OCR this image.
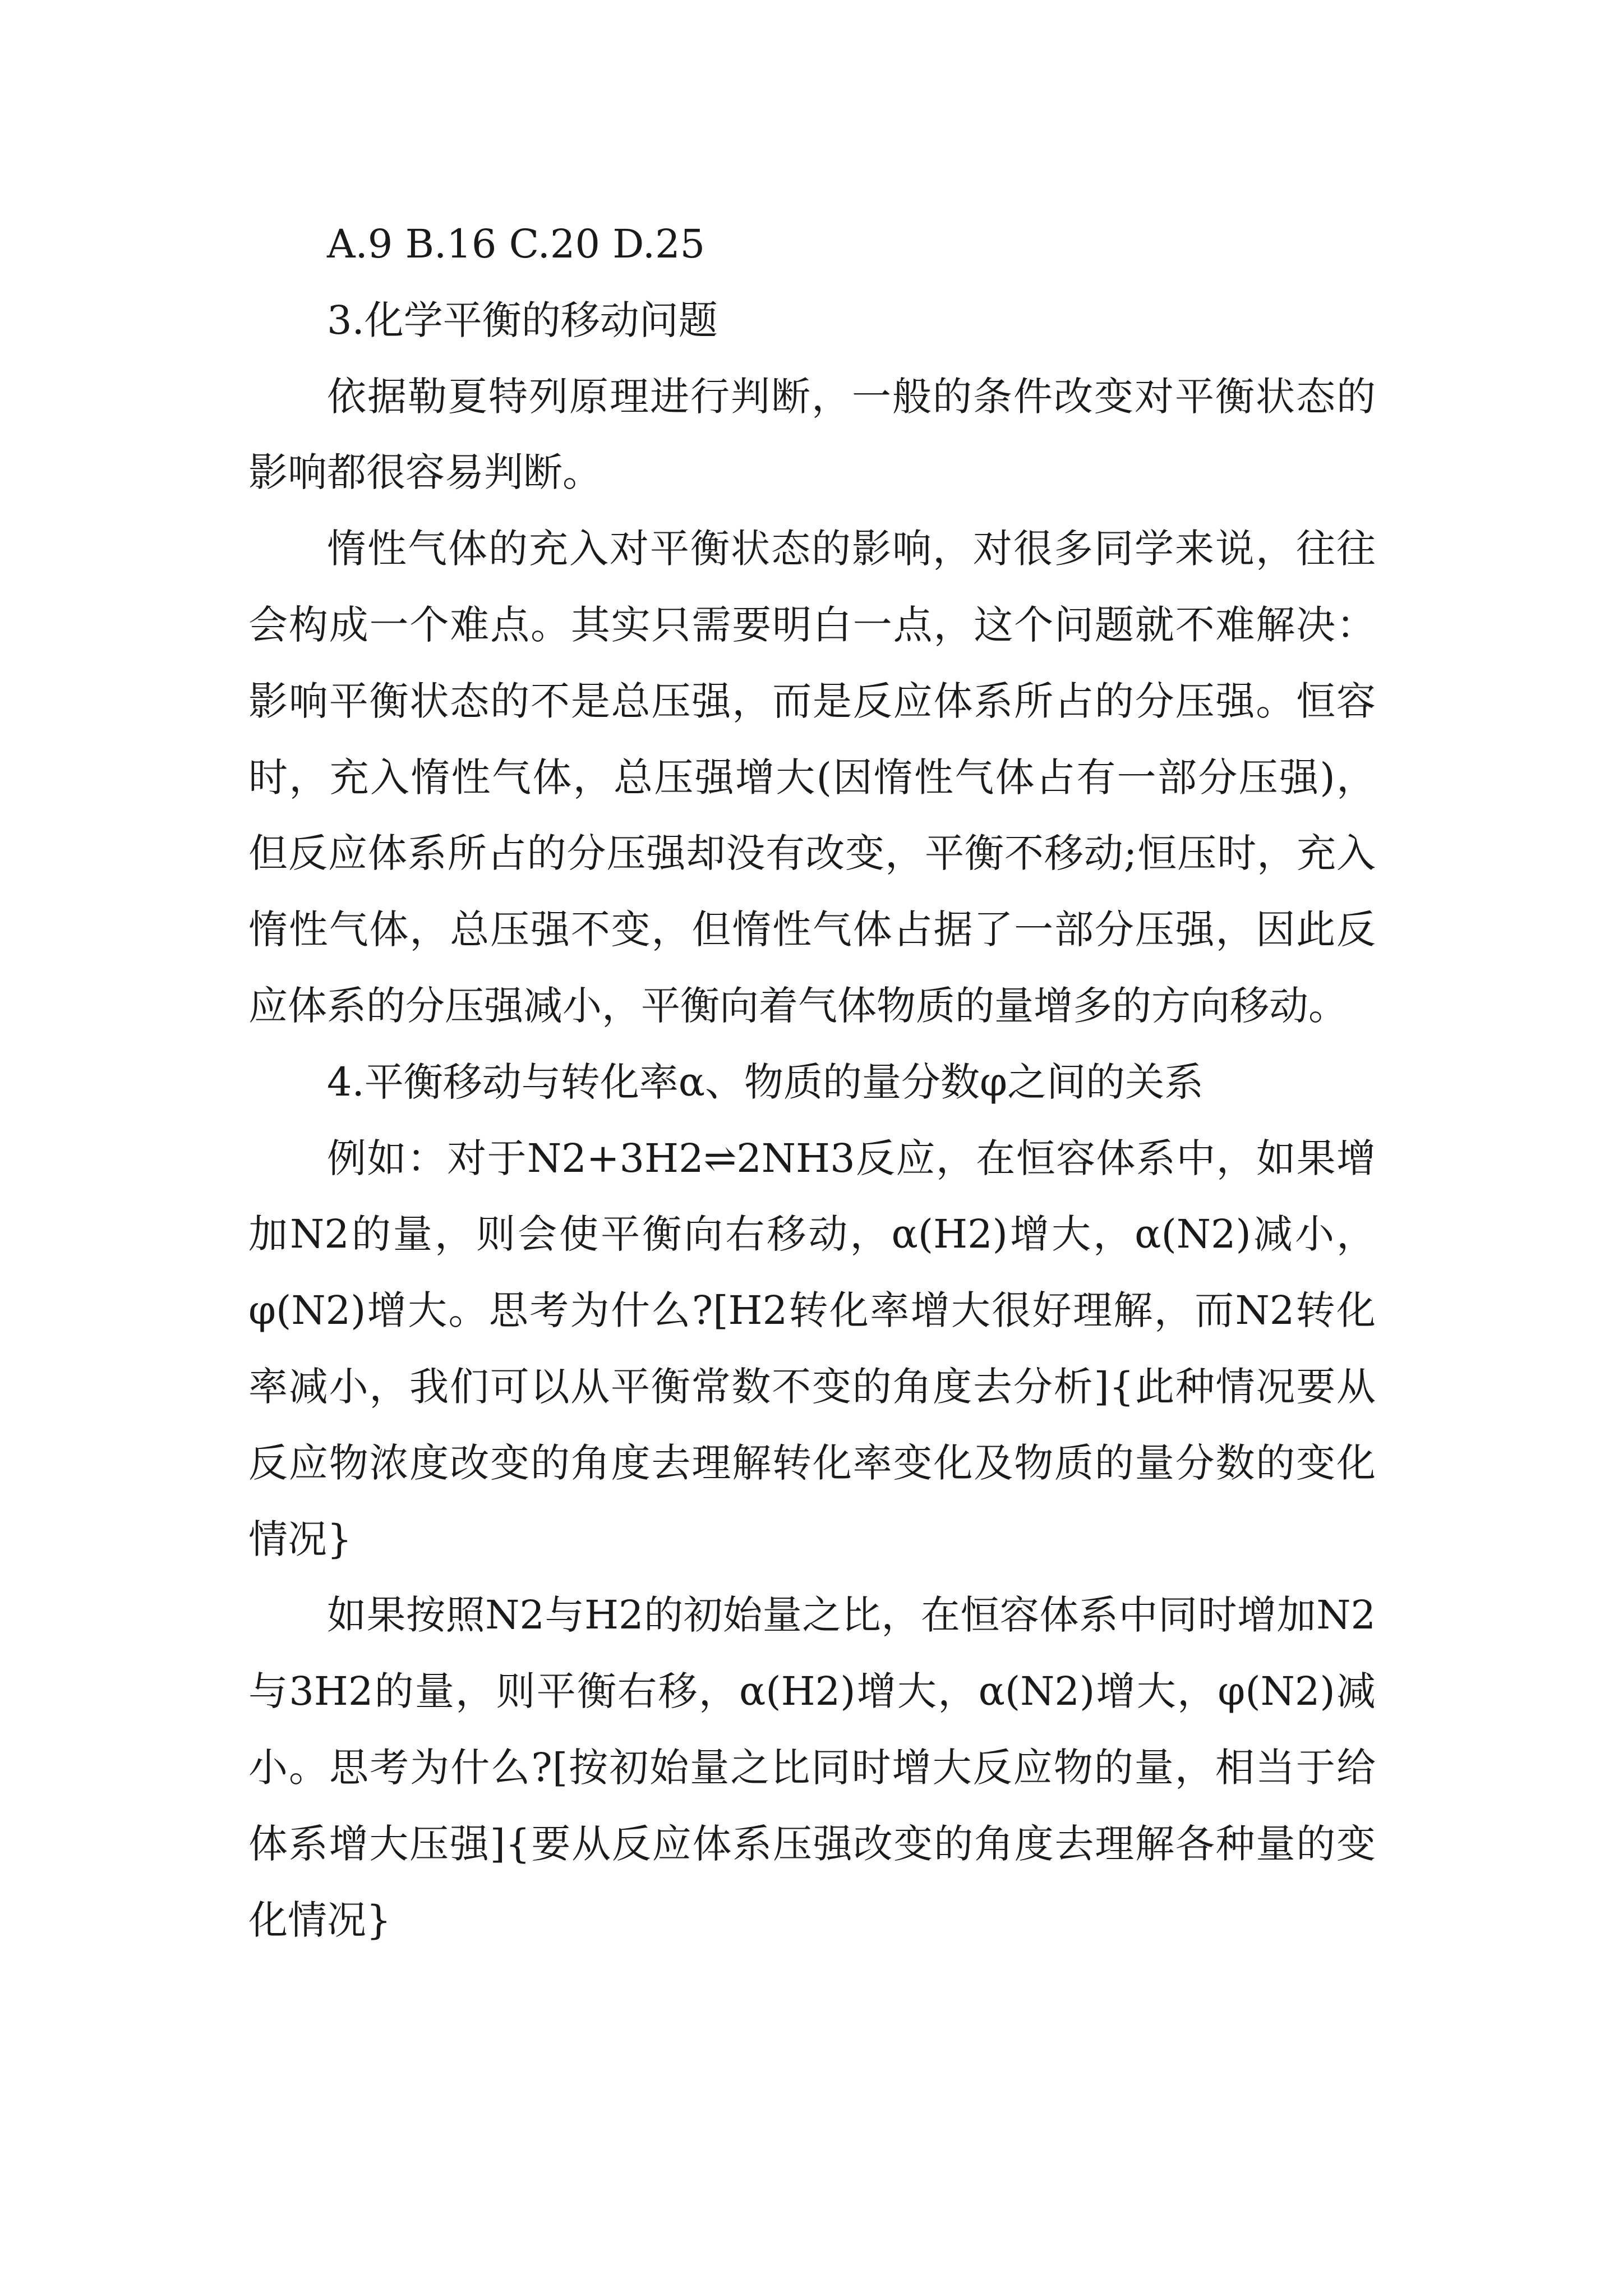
A.9 B.16 C.20 D.25

3.化学平衡的移动问题

依据勒夏特列原理进行判断，一般的条件改变对平衡状态的影响都很容易判断。

惰性气体的充入对平衡状态的影响，对很多同学来说，往往会构成一个难点。其实只需要明白一点，这个问题就不难解决：影响平衡状态的不是总压强，而是反应体系所占的分压强。恒容时，充入惰性气体，总压强增大(因惰性气体占有一部分压强)，但反应体系所占的分压强却没有改变，平衡不移动;恒压时，充入惰性气体，总压强不变，但惰性气体占据了一部分压强，因此反应体系的分压强减小，平衡向着气体物质的量增多的方向移动。

4.平衡移动与转化率α、物质的量分数φ之间的关系

例如：对于N2+3H2⇌2NH3反应，在恒容体系中，如果增加N2的量，则会使平衡向右移动，α(H2)增大，α(N2)减小，φ(N2)增大。思考为什么?[H2转化率增大很好理解，而N2转化率减小，我们可以从平衡常数不变的角度去分析]{此种情况要从反应物浓度改变的角度去理解转化率变化及物质的量分数的变化情况}

如果按照N2与H2的初始量之比，在恒容体系中同时增加N2与3H2的量，则平衡右移，α(H2)增大，α(N2)增大，φ(N2)减小。思考为什么?[按初始量之比同时增大反应物的量，相当于给体系增大压强]{要从反应体系压强改变的角度去理解各种量的变化情况}
